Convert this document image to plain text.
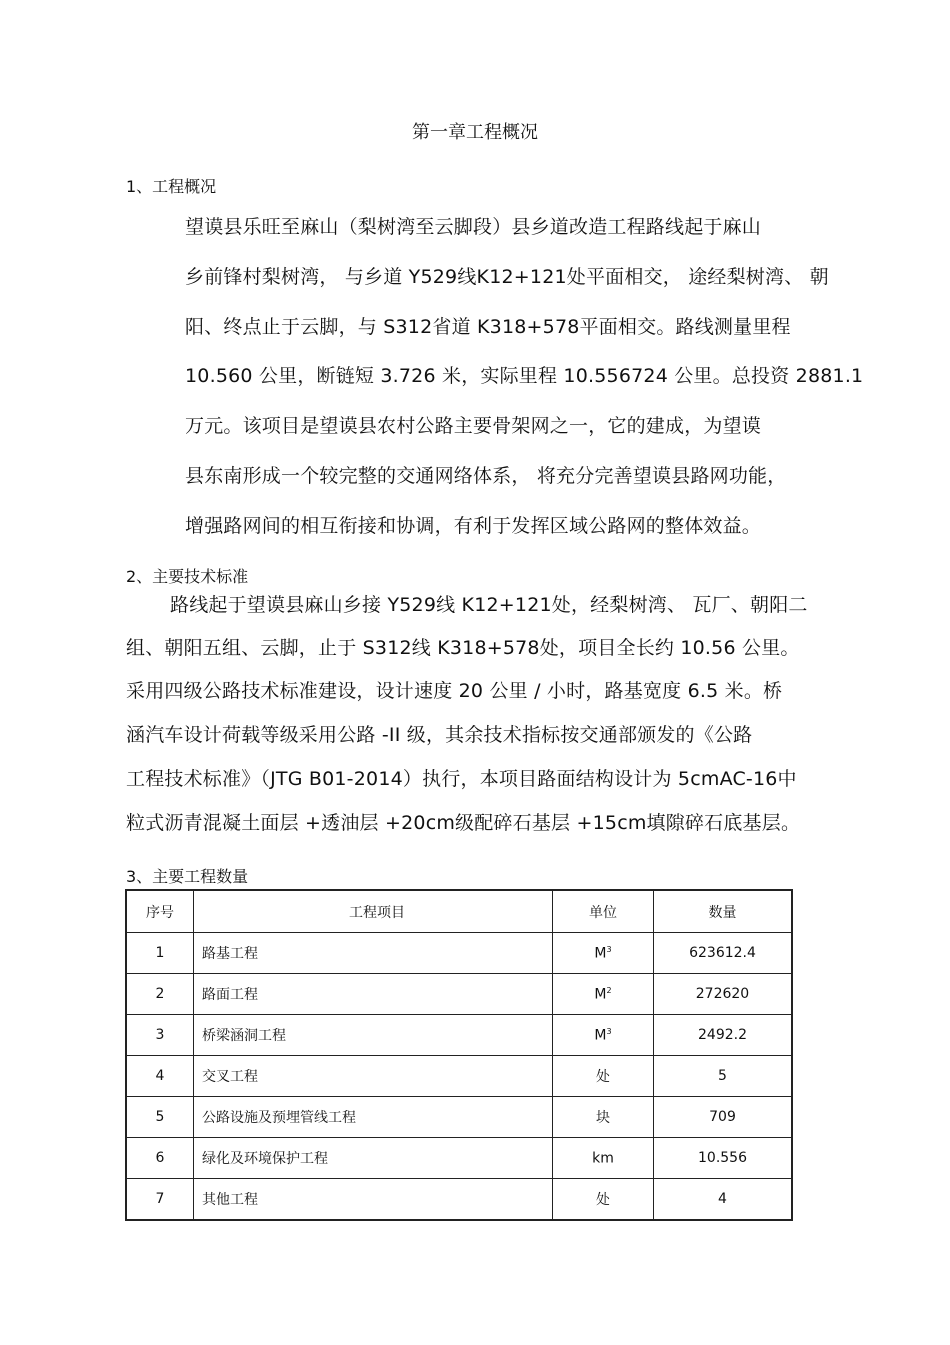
第一章工程概况
1、工程概况
望谟县乐旺至麻山（梨树湾至云脚段）县乡道改造工程路线起于麻山
乡前锋村梨树湾， 与乡道 Y529线K12+121处平面相交， 途经梨树湾、 朝
阳、终点止于云脚，与 S312省道 K318+578平面相交。路线测量里程
10.560 公里，断链短 3.726 米，实际里程 10.556724 公里。总投资 2881.1
万元。该项目是望谟县农村公路主要骨架网之一，它的建成，为望谟
县东南形成一个较完整的交通网络体系， 将充分完善望谟县路网功能，
增强路网间的相互衔接和协调，有利于发挥区域公路网的整体效益。
2、主要技术标准
路线起于望谟县麻山乡接 Y529线 K12+121处，经梨树湾、 瓦厂、朝阳二
组、朝阳五组、云脚，止于 S312线 K318+578处，项目全长约 10.56 公里。
采用四级公路技术标准建设，设计速度 20 公里 / 小时，路基宽度 6.5 米。桥
涵汽车设计荷载等级采用公路 -II 级，其余技术指标按交通部颁发的《公路
工程技术标准》（JTG B01-2014）执行，本项目路面结构设计为 5cmAC-16中
粒式沥青混凝土面层 +透油层 +20cm级配碎石基层 +15cm填隙碎石底基层。
3、主要工程数量
序号	工程项目	单位	数量
1	路基工程	$M^3$	623612.4
2	路面工程	$M^2$	272620
3	桥梁涵洞工程	$M^3$	2492.2
4	交叉工程	处	5
5	公路设施及预埋管线工程	块	709
6	绿化及环境保护工程	km	10.556
7	其他工程	处	4
